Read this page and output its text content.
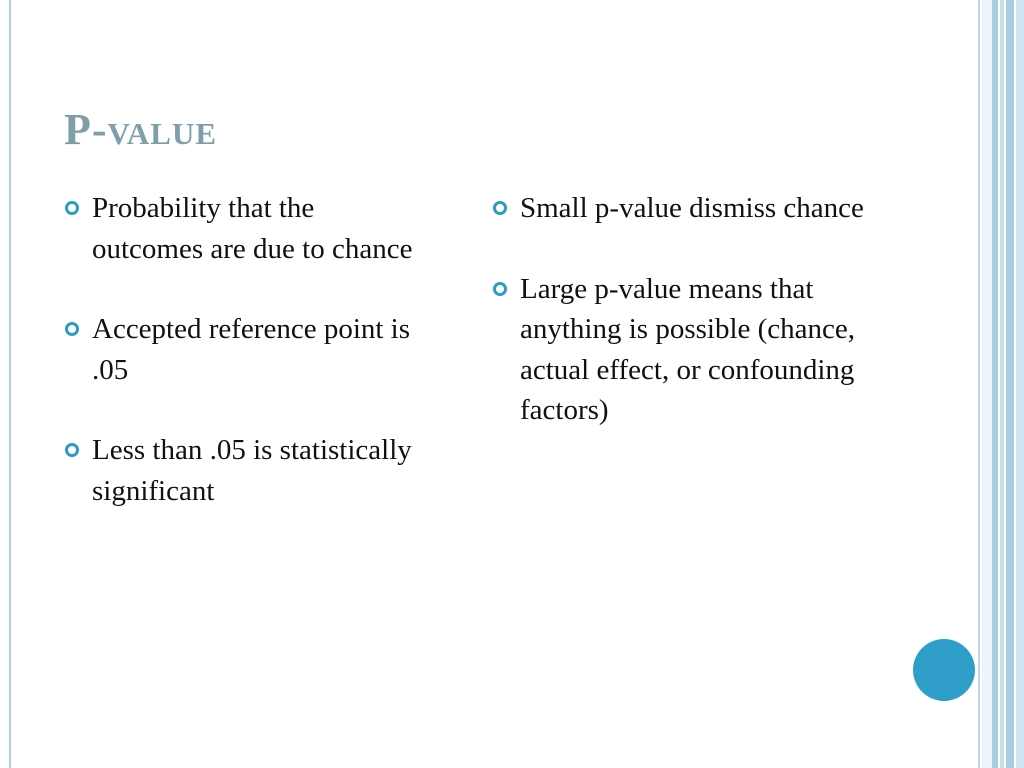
P-value
Probability that the outcomes are due to chance
Accepted reference point is .05
Less than .05 is statistically significant
Small p-value dismiss chance
Large p-value means that anything is possible (chance, actual effect, or confounding factors)
